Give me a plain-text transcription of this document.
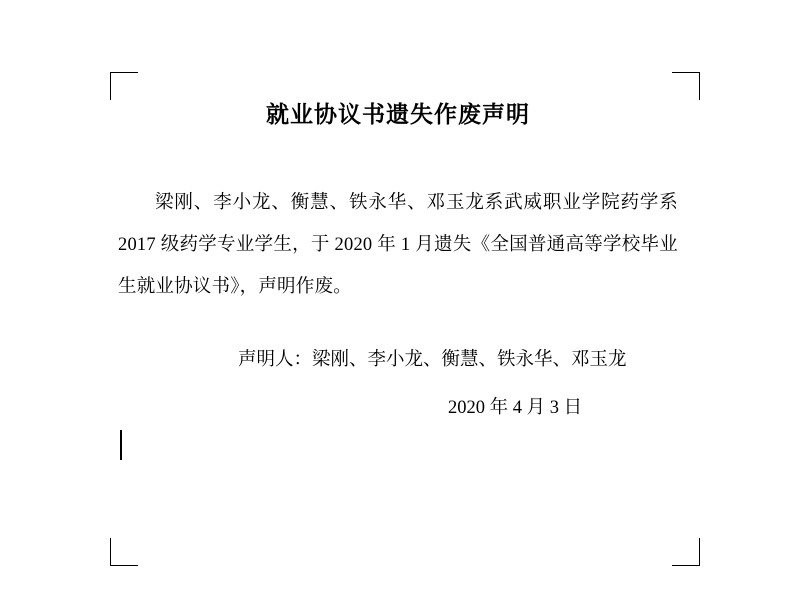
就业协议书遗失作废声明
梁刚、李小龙、衡慧、铁永华、邓玉龙系武威职业学院药学系 2017 级药学专业学生，于 2020 年 1 月遗失《全国普通高等学校毕业生就业协议书》，声明作废。
声明人：梁刚、李小龙、衡慧、铁永华、邓玉龙
2020 年 4 月 3 日
